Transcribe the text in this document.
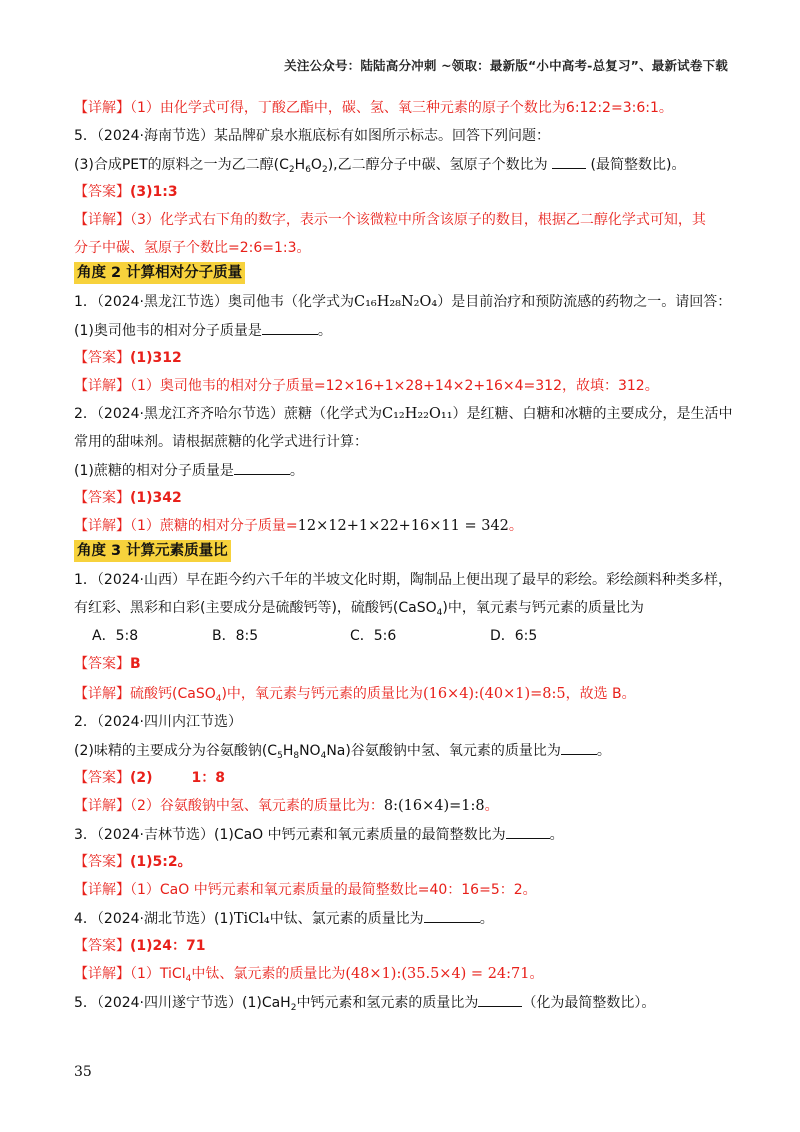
关注公众号：陆陆高分冲刺 ~领取：最新版“小中高考-总复习”、最新试卷下载
【详解】（1）由化学式可得，丁酸乙酯中，碳、氢、氧三种元素的原子个数比为6:12:2=3:6:1。
5．（2024·海南节选）某品牌矿泉水瓶底标有如图所示标志。回答下列问题：
(3)合成PET的原料之一为乙二醇$(C_2H_6O_2)$,乙二醇分子中碳、氢原子个数比为	(最简整数比)。
【答案】(3)1:3
【详解】（3）化学式右下角的数字，表示一个该微粒中所含该原子的数目，根据乙二醇化学式可知，其
分子中碳、氢原子个数比=2:6=1:3。
角度 2 计算相对分子质量
1．（2024·黑龙江节选）奥司他韦（化学式为C₁₆H₂₈N₂O₄）是目前治疗和预防流感的药物之一。请回答：
(1)奥司他韦的相对分子质量是	。
【答案】(1)312
【详解】（1）奥司他韦的相对分子质量=12×16+1×28+14×2+16×4=312，故填：312。
2．（2024·黑龙江齐齐哈尔节选）蔗糖（化学式为C₁₂H₂₂O₁₁）是红糖、白糖和冰糖的主要成分，是生活中
常用的甜味剂。请根据蔗糖的化学式进行计算：
(1)蔗糖的相对分子质量是	。
【答案】(1)342
【详解】（1）蔗糖的相对分子质量=12×12+1×22+16×11 = 342。
角度 3 计算元素质量比
1．（2024·山西）早在距今约六千年的半坡文化时期，陶制品上便出现了最早的彩绘。彩绘颜料种类多样，
有红彩、黑彩和白彩(主要成分是硫酸钙等)，硫酸钙(CaSO$_4$)中，氧元素与钙元素的质量比为
A．5:8	B．8:5	C．5:6	D．6:5
【答案】B
【详解】硫酸钙(CaSO$_4$)中，氧元素与钙元素的质量比为(16×4):(40×1)=8:5，故选 B。
2．（2024·四川内江节选）
(2)味精的主要成分为谷氨酸钠$(C_5H_8NO_4Na)$谷氨酸钠中氢、氧元素的质量比为	。
【答案】(2)        1：8
【详解】（2）谷氨酸钠中氢、氧元素的质量比为：8:(16×4)=1:8。
3．（2024·吉林节选）(1)CaO 中钙元素和氧元素质量的最简整数比为	。
【答案】(1)5:2。
【详解】（1）CaO 中钙元素和氧元素质量的最简整数比=40：16=5：2。
4．（2024·湖北节选）(1)TiCl₄中钛、氯元素的质量比为	。
【答案】(1)24：71
【详解】（1）TiCl$_4$中钛、氯元素的质量比为(48×1):(35.5×4) = 24:71。
5．（2024·四川遂宁节选）(1)CaH$_2$中钙元素和氢元素的质量比为	（化为最简整数比）。
35
